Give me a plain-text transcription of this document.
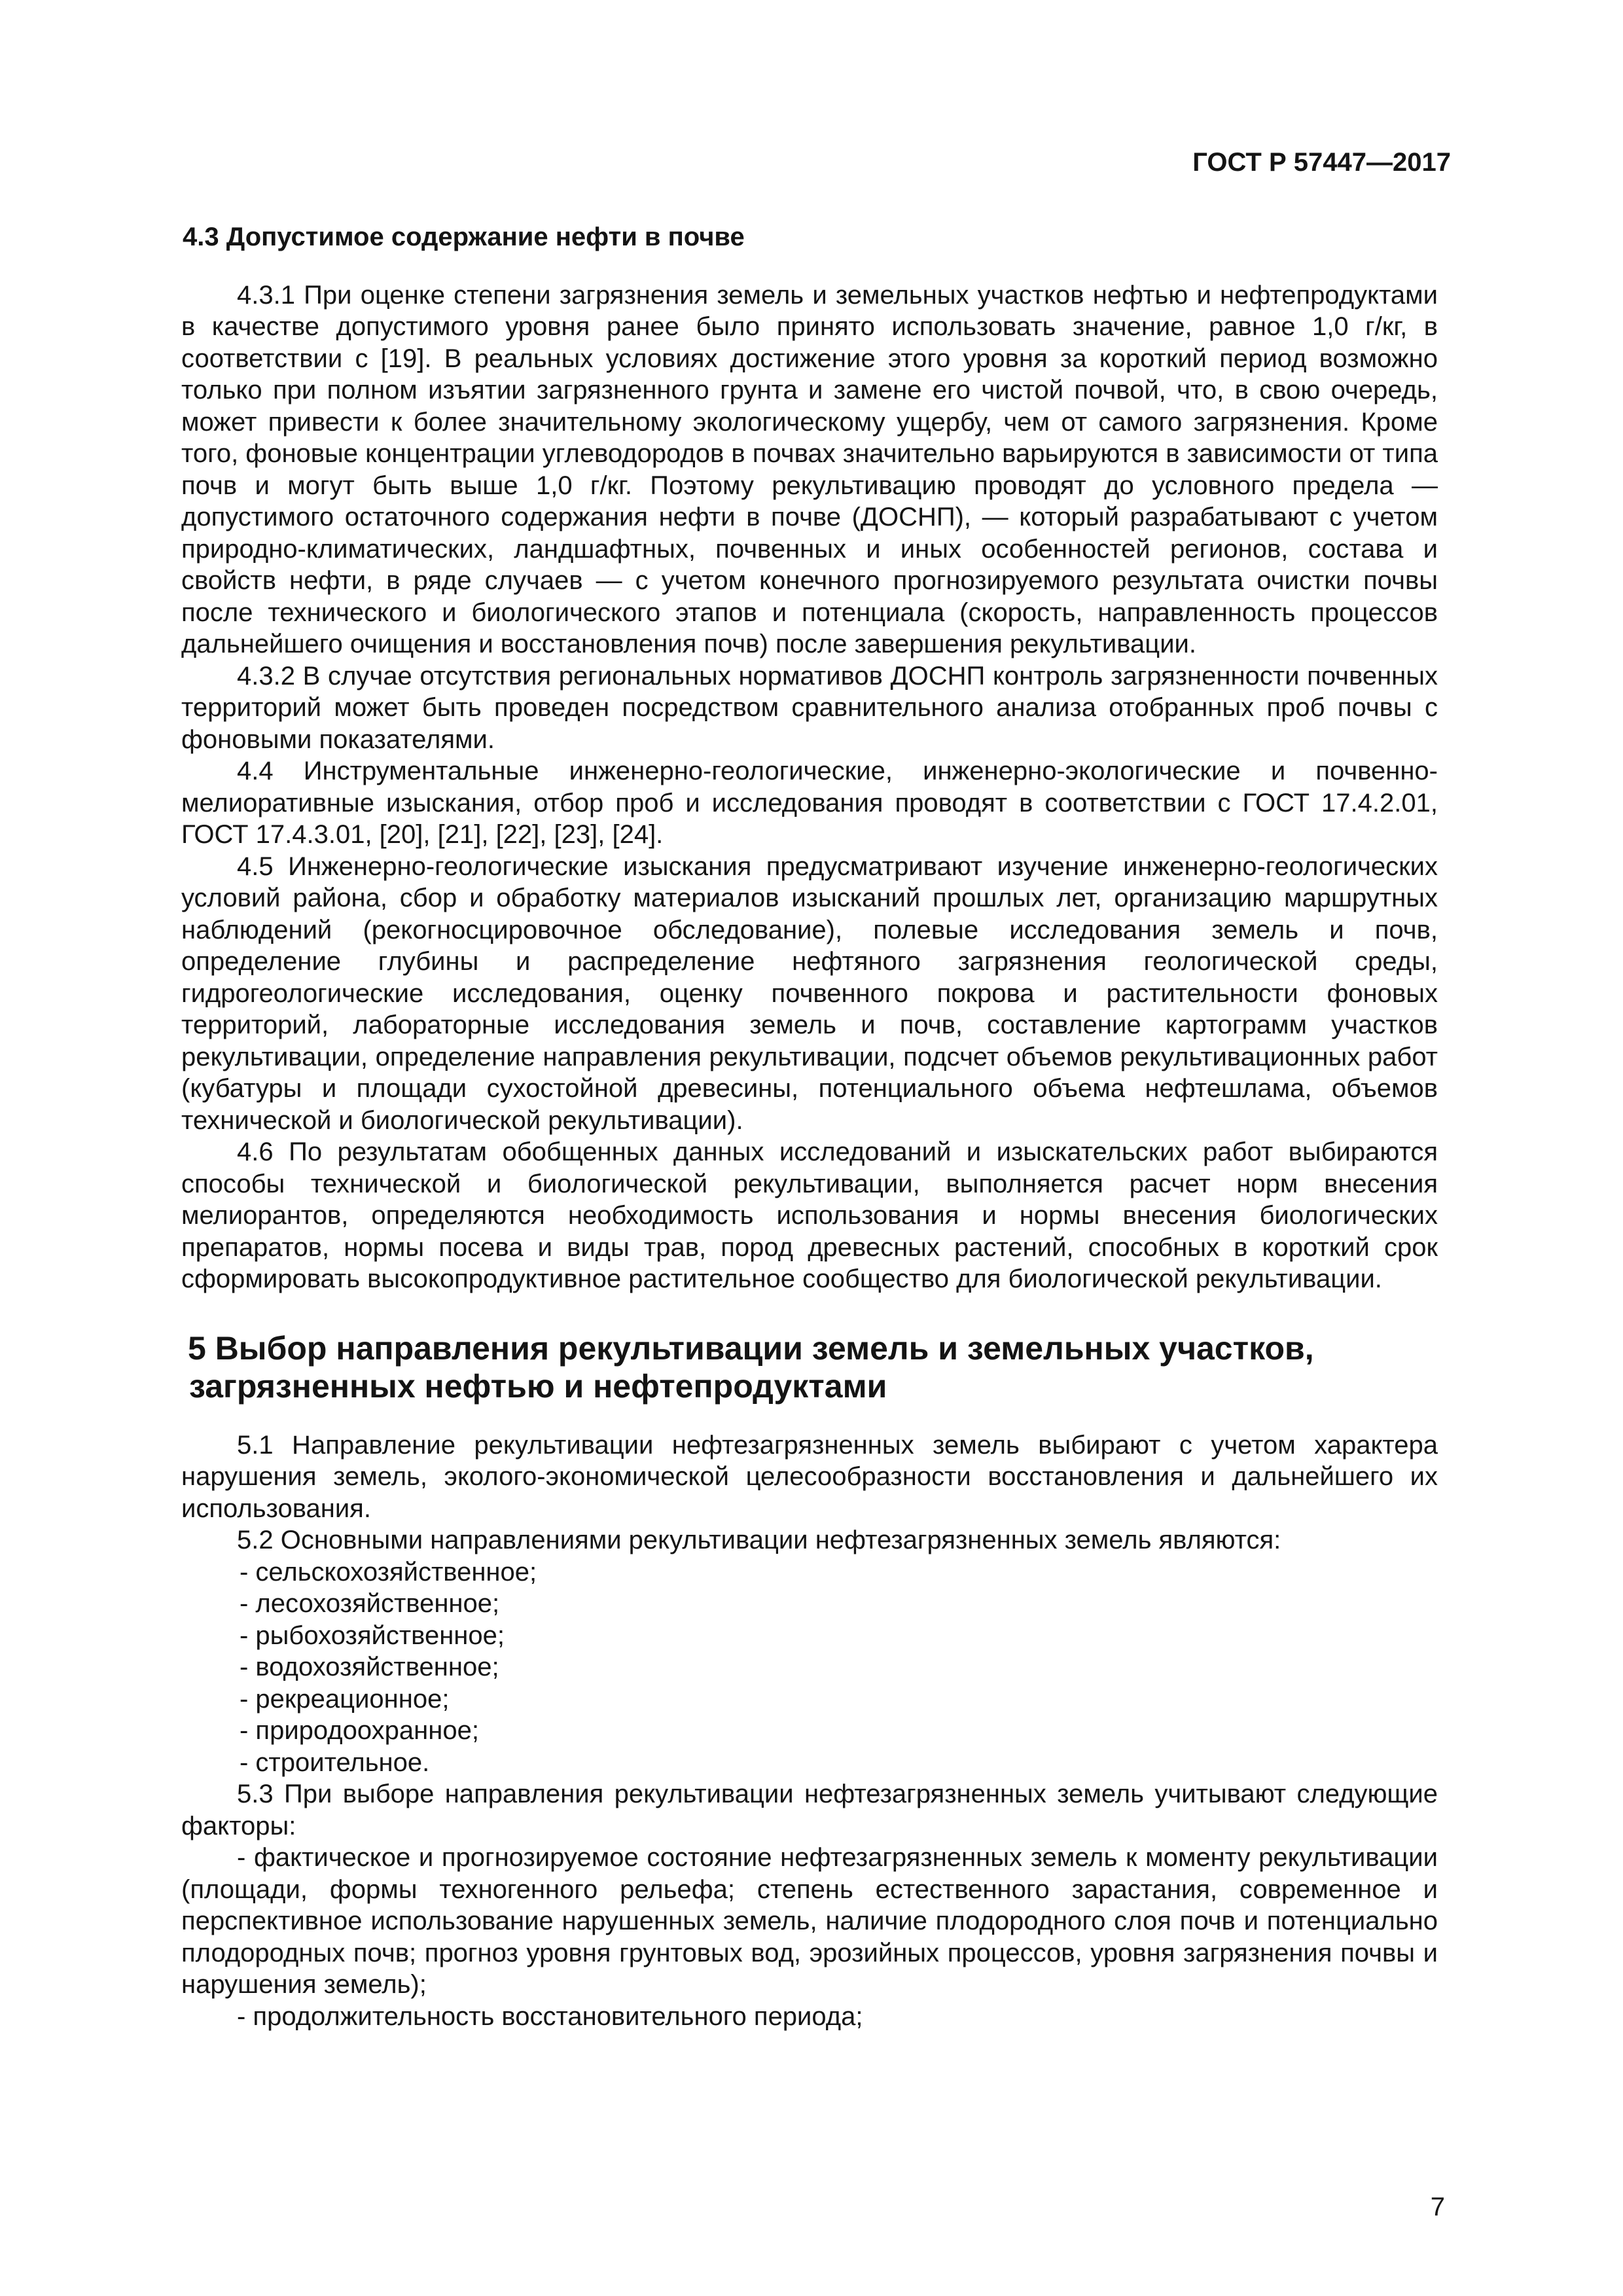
ГОСТ Р 57447—2017
4.3 Допустимое содержание нефти в почве

4.3.1 При оценке степени загрязнения земель и земельных участков нефтью и нефтепродуктами в качестве допустимого уровня ранее было принято использовать значение, равное 1,0 г/кг, в соответствии с [19]. В реальных условиях достижение этого уровня за короткий период возможно только при полном изъятии загрязненного грунта и замене его чистой почвой, что, в свою очередь, может привести к более значительному экологическому ущербу, чем от самого загрязнения. Кроме того, фоновые концентрации углеводородов в почвах значительно варьируются в зависимости от типа почв и могут быть выше 1,0 г/кг. Поэтому рекультивацию проводят до условного предела — допустимого остаточного содержания нефти в почве (ДОСНП), — который разрабатывают с учетом природно-климатических, ландшафтных, почвенных и иных особенностей регионов, состава и свойств нефти, в ряде случаев — с учетом конечного прогнозируемого результата очистки почвы после технического и биологического этапов и потенциала (скорость, направленность процессов дальнейшего очищения и восстановления почв) после завершения рекультивации.

4.3.2 В случае отсутствия региональных нормативов ДОСНП контроль загрязненности почвенных территорий может быть проведен посредством сравнительного анализа отобранных проб почвы с фоновыми показателями.

4.4 Инструментальные инженерно-геологические, инженерно-экологические и почвенно-мелиоративные изыскания, отбор проб и исследования проводят в соответствии с ГОСТ 17.4.2.01, ГОСТ 17.4.3.01, [20], [21], [22], [23], [24].

4.5 Инженерно-геологические изыскания предусматривают изучение инженерно-геологических условий района, сбор и обработку материалов изысканий прошлых лет, организацию маршрутных наблюдений (рекогносцировочное обследование), полевые исследования земель и почв, определение глубины и распределение нефтяного загрязнения геологической среды, гидрогеологические исследования, оценку почвенного покрова и растительности фоновых территорий, лабораторные исследования земель и почв, составление картограмм участков рекультивации, определение направления рекультивации, подсчет объемов рекультивационных работ (кубатуры и площади сухостойной древесины, потенциального объема нефтешлама, объемов технической и биологической рекультивации).

4.6 По результатам обобщенных данных исследований и изыскательских работ выбираются способы технической и биологической рекультивации, выполняется расчет норм внесения мелиорантов, определяются необходимость использования и нормы внесения биологических препаратов, нормы посева и виды трав, пород древесных растений, способных в короткий срок сформировать высокопродуктивное растительное сообщество для биологической рекультивации.

5 Выбор направления рекультивации земель и земельных участков,
загрязненных нефтью и нефтепродуктами

5.1 Направление рекультивации нефтезагрязненных земель выбирают с учетом характера нарушения земель, эколого-экономической целесообразности восстановления и дальнейшего их использования.

5.2 Основными направлениями рекультивации нефтезагрязненных земель являются:

- сельскохозяйственное;
- лесохозяйственное;
- рыбохозяйственное;
- водохозяйственное;
- рекреационное;
- природоохранное;
- строительное.

5.3 При выборе направления рекультивации нефтезагрязненных земель учитывают следующие факторы:

- фактическое и прогнозируемое состояние нефтезагрязненных земель к моменту рекультивации (площади, формы техногенного рельефа; степень естественного зарастания, современное и перспективное использование нарушенных земель, наличие плодородного слоя почв и потенциально плодородных почв; прогноз уровня грунтовых вод, эрозийных процессов, уровня загрязнения почвы и нарушения земель);

- продолжительность восстановительного периода;

7
